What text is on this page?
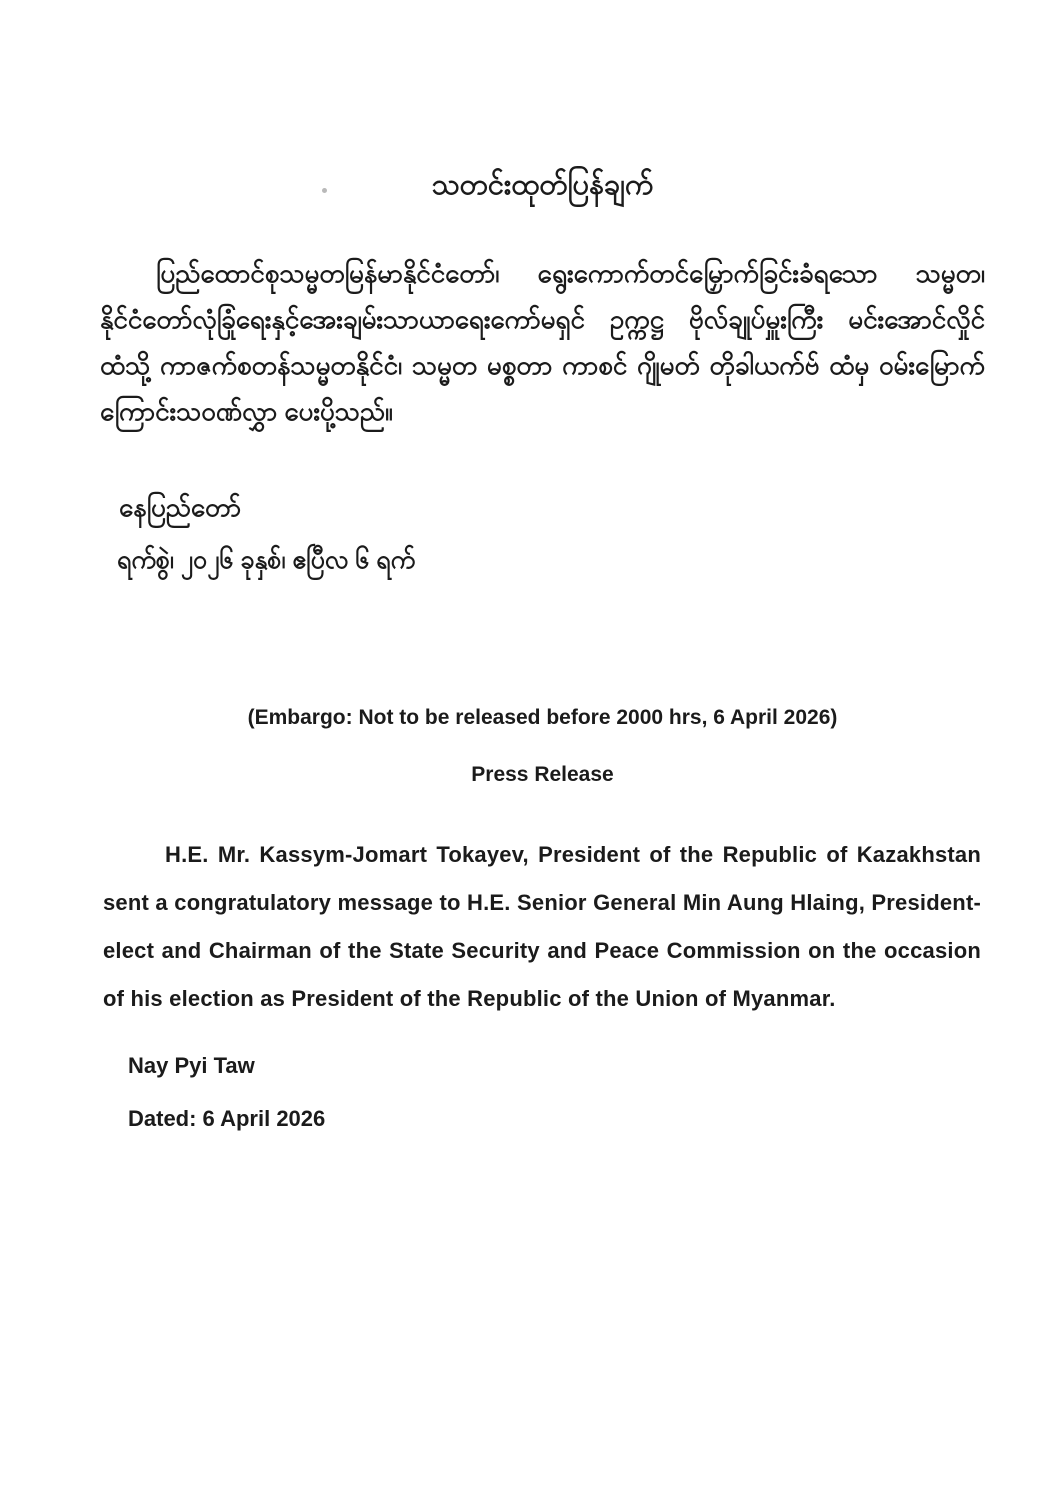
သတင်းထုတ်ပြန်ချက်
ပြည်ထောင်စုသမ္မတမြန်မာနိုင်ငံတော်၊ ရွေးကောက်တင်မြှောက်ခြင်းခံရသော သမ္မတ၊ နိုင်ငံတော်လုံခြုံရေးနှင့်အေးချမ်းသာယာရေးကော်မရှင် ဥက္ကဋ္ဌ ဗိုလ်ချုပ်မှူးကြီး မင်းအောင်လှိုင် ထံသို့ ကာဇက်စတန်သမ္မတနိုင်ငံ၊ သမ္မတ မစ္စတာ ကာစင် ဂျိုမတ် တိုခါယက်ဗ် ထံမှ ဝမ်းမြောက်ကြောင်းသဝဏ်လွှာ ပေးပို့သည်။
နေပြည်တော်
ရက်စွဲ၊ ၂၀၂၆ ခုနှစ်၊ ဧပြီလ ၆ ရက်
(Embargo: Not to be released before 2000 hrs, 6 April 2026)
Press Release
H.E. Mr. Kassym-Jomart Tokayev, President of the Republic of Kazakhstan sent a congratulatory message to H.E. Senior General Min Aung Hlaing, President-elect and Chairman of the State Security and Peace Commission on the occasion of his election as President of the Republic of the Union of Myanmar.
Nay Pyi Taw
Dated: 6 April 2026
